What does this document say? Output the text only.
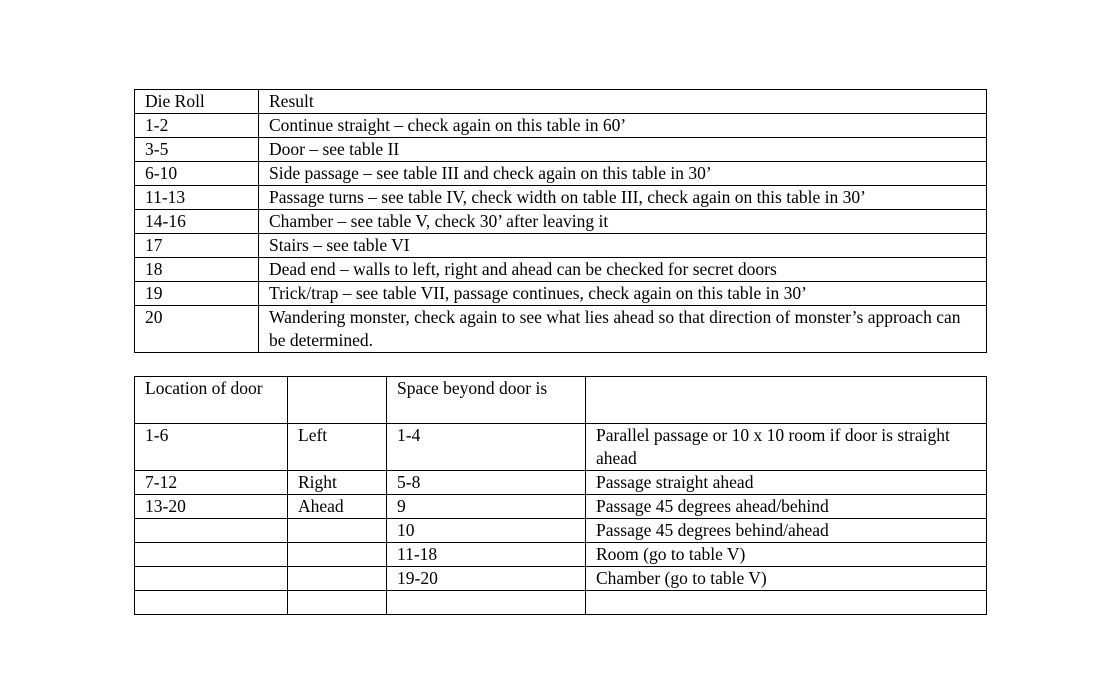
Die Roll	Result
1-2	Continue straight – check again on this table in 60’
3-5	Door – see table II
6-10	Side passage – see table III and check again on this table in 30’
11-13	Passage turns – see table IV, check width on table III, check again on this table in 30’
14-16	Chamber – see table V, check 30’ after leaving it
17	Stairs – see table VI
18	Dead end – walls to left, right and ahead can be checked for secret doors
19	Trick/trap – see table VII, passage continues, check again on this table in 30’
20	Wandering monster, check again to see what lies ahead so that direction of monster’s approach can be determined.
Location of door		Space beyond door is	
1-6	Left	1-4	Parallel passage or 10 x 10 room if door is straight ahead
7-12	Right	5-8	Passage straight ahead
13-20	Ahead	9	Passage 45 degrees ahead/behind
		10	Passage 45 degrees behind/ahead
		11-18	Room (go to table V)
		19-20	Chamber (go to table V)
